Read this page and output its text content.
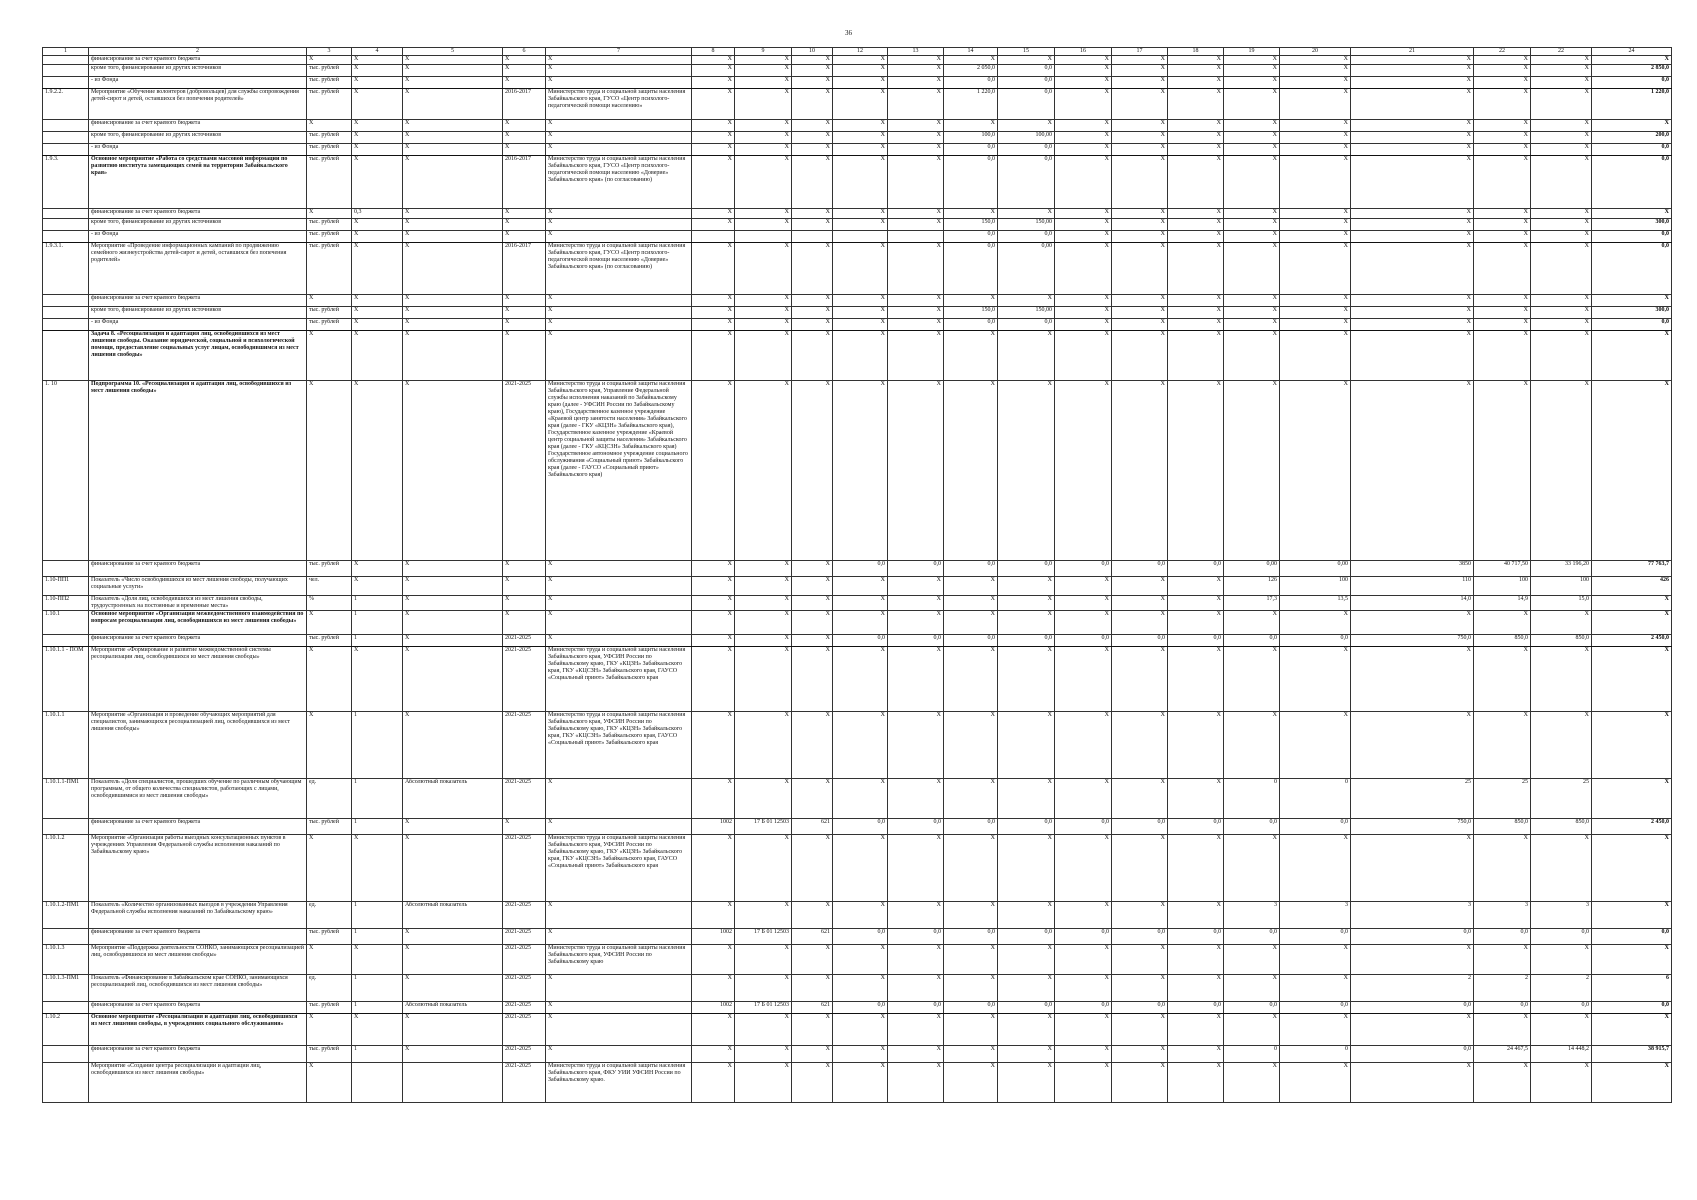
36
1	2	3	4	5	6	7	8	9	10	12	13	14	15	16	17	18	19	20	21	22	22	24
	финансирование за счет краевого бюджета	X	X	X	X	X	X	X	X	X	X	X	X	X	X	X	X	X	X	X	X	X
	кроме того, финансирование из других источников	тыс. рублей	X	X	X	X	X	X	X	X	X	2 050,0	0,0	X	X	X	X	X	X	X	X	2 850,0
	- из Фонда	тыс. рублей	X	X	X	X	X	X	X	X	X	0,0	0,0	X	X	X	X	X	X	X	X	0,0
1.9.2.2.	Мероприятие «Обучение волонтеров (добровольцев) для службы сопровождения детей-сирот и детей, оставшихся без попечения родителей»	тыс. рублей	X	X	2016-2017	Министерство труда и социальной защиты населения Забайкальского края, ГУСО «Центр психолого-педагогической помощи населению»	X	X	X	X	X	1 220,0	0,0	X	X	X	X	X	X	X	X	1 220,0
	финансирование за счет краевого бюджета	X	X	X	X	X	X	X	X	X	X	X	X	X	X	X	X	X	X	X	X	X
	кроме того, финансирование из других источников	тыс. рублей	X	X	X	X	X	X	X	X	X	100,0	100,00	X	X	X	X	X	X	X	X	200,0
	- из Фонда	тыс. рублей	X	X	X	X	X	X	X	X	X	0,0	0,0	X	X	X	X	X	X	X	X	0,0
1.9.3.	Основное мероприятие «Работа со средствами массовой информации по развитию института замещающих семей на территории Забайкальского края»	тыс. рублей	X	X	2016-2017	Министерство труда и социальной защиты населения Забайкальского края, ГУСО «Центр психолого-педагогической помощи населению «Доверие» Забайкальского края» (по согласованию)	X	X	X	X	X	0,0	0,0	X	X	X	X	X	X	X	X	0,0
	финансирование за счет краевого бюджета	X	0,3	X	X	X	X	X	X	X	X	X	X	X	X	X	X	X	X	X	X	X
	кроме того, финансирование из других источников	тыс. рублей	X	X	X	X	X	X	X	X	X	150,0	150,00	X	X	X	X	X	X	X	X	300,0
	- из Фонда	тыс. рублей	X	X	X	X						0,0	0,0	X	X	X	X	X	X	X	X	0,0
1.9.3.1.	Мероприятие «Проведение информационных кампаний по продвижению семейного жизнеустройства детей-сирот и детей, оставшихся без попечения родителей»	тыс. рублей	X	X	2016-2017	Министерство труда и социальной защиты населения Забайкальского края, ГУСО «Центр психолого-педагогической помощи населению «Доверие» Забайкальского края» (по согласованию)	X	X	X	X	X	0,0	0,00	X	X	X	X	X	X	X	X	0,0
	финансирование за счет краевого бюджета	X	X	X	X	X	X	X	X	X	X	X	X	X	X	X	X	X	X	X	X	X
	кроме того, финансирование из других источников	тыс. рублей	X	X	X	X	X	X	X	X	X	150,0	150,00	X	X	X	X	X	X	X	X	300,0
	- из Фонда	тыс. рублей	X	X	X	X	X	X	X	X	X	0,0	0,0	X	X	X	X	X	X	X	X	0,0
	Задача 8. «Ресоциализация и адаптация лиц, освободившихся из мест лишения свободы. Оказание юридической, социальной и психологической помощи, предоставление социальных услуг лицам, освободившимся из мест лишения свободы»	X	X	X	X	X	X	X	X	X	X	X	X	X	X	X	X	X	X	X	X	X
1. 10	Подпрограмма 10. «Ресоциализация и адаптация лиц, освободившихся из мест лишения свободы»	X	X	X	2021-2025	Министерство труда и социальной защиты населения Забайкальского края, Управление Федеральной службы исполнения наказаний по Забайкальскому краю (далее - УФСИН России по Забайкальскому краю), Государственное казенное учреждение «Краевой центр занятости населения» Забайкальского края (далее - ГКУ «КЦЗН» Забайкальского края), Государственное казенное учреждение «Краевой центр социальной защиты населения» Забайкальского края (далее - ГКУ «КЦСЗН» Забайкальского края) Государственное автономное учреждение социального обслуживания «Социальный приют» Забайкальского края (далее - ГАУСО «Социальный приют» Забайкальского края)	X	X	X	X	X	X	X	X	X	X	X	X	X	X	X	X
	финансирование за счет краевого бюджета	тыс. рублей	X	X	X	X	X	X	X	0,0	0,0	0,0	0,0	0,0	0,0	0,0	0,00	0,00	3850	40 717,50	33 196,20	77 763,7
1.10-ПП1	Показатель «Число освободившихся из мест лишения свободы, получающих социальные услуги»	чел.	X	X	X	X	X	X	X	X	X	X	X	X	X	X	126	100	110	100	100	426
1.10-ПП2	Показатель «Доля лиц, освободившихся из мест лишения свободы, трудоустроенных на постоянные и временные места»	%	1	X	X	X	X	X	X	X	X	X	X	X	X	X	17,3	13,5	14,0	14,9	15,0	X
1.10.1	Основное мероприятие «Организация межведомственного взаимодействия по вопросам ресоциализации лиц, освободившихся из мест лишения свободы»	X	1	X	X	X	X	X	X	X	X	X	X	X	X	X	X	X	X	X	X	X
	финансирование за счет краевого бюджета	тыс. рублей	1	X	2021-2025	X	X	X	X	0,0	0,0	0,0	0,0	0,0	0,0	0,0	0,0	0,0	750,0	850,0	850,0	2 450,0
1.10.1.1 - ПОМ	Мероприятие «Формирование и развитие межведомственной системы ресоциализации лиц, освободившихся из мест лишения свободы»	X	X	X	2021-2025	Министерство труда и социальной защиты населения Забайкальского края, УФСИН России по Забайкальскому краю, ГКУ «КЦЗН» Забайкальского края, ГКУ «КЦСЗН» Забайкальского края, ГАУСО «Социальный приют» Забайкальского края	X	X	X	X	X	X	X	X	X	X	X	X	X	X	X	X
1.10.1.1	Мероприятие «Организация и проведение обучающих мероприятий для специалистов, занимающихся ресоциализацией лиц, освободившихся из мест лишения свободы»	X	1	X	2021-2025	Министерство труда и социальной защиты населения Забайкальского края, УФСИН России по Забайкальскому краю, ГКУ «КЦЗН» Забайкальского края, ГКУ «КЦСЗН» Забайкальского края, ГАУСО «Социальный приют» Забайкальского края	X	X	X	X	X	X	X	X	X	X	X	X	X	X	X	X
1.10.1.1-ПМ1	Показатель «Доля специалистов, прошедших обучение по различным обучающим программам, от общего количества специалистов, работающих с лицами, освободившимися из мест лишения свободы»	ед.	1	Абсолютный показатель	2021-2025	X	X	X	X	X	X	X	X	X	X	X	0	0	25	25	25	X
	финансирование за счет краевого бюджета	тыс. рублей	1	X	X	X	1002	17 Б 01 12503	621	0,0	0,0	0,0	0,0	0,0	0,0	0,0	0,0	0,0	750,0	850,0	850,0	2 450,0
1.10.1.2	Мероприятие «Организация работы выездных консультационных пунктов в учреждениях Управления Федеральной службы исполнения наказаний по Забайкальскому краю»	X	X	X	2021-2025	Министерство труда и социальной защиты населения Забайкальского края, УФСИН России по Забайкальскому краю, ГКУ «КЦЗН» Забайкальского края, ГКУ «КЦСЗН» Забайкальского края, ГАУСО «Социальный приют» Забайкальского края	X	X	X	X	X	X	X	X	X	X	X	X	X	X	X	X
1.10.1.2-ПМ1	Показатель «Количество организованных выездов в учреждения Управления Федеральной службы исполнения наказаний по Забайкальскому краю»	ед.	1	Абсолютный показатель	2021-2025	X	X	X	X	X	X	X	X	X	X	X	3	3	3	3	3	X
	финансирование за счет краевого бюджета	тыс. рублей	1	X	2021-2025	X	1002	17 Б 01 12503	621	0,0	0,0	0,0	0,0	0,0	0,0	0,0	0,0	0,0	0,0	0,0	0,0	0,0
1.10.1.3	Мероприятие «Поддержка деятельности СОНКО, занимающихся ресоциализацией лиц, освободившихся из мест лишения свободы»	X	X	X	2021-2025	Министерство труда и социальной защиты населения Забайкальского края, УФСИН России по Забайкальскому краю	X	X	X	X	X	X	X	X	X	X	X	X	X	X	X	X
1.10.1.3-ПМ1	Показатель «Финансирование в Забайкальском крае СОНКО, занимающихся ресоциализацией лиц, освободившихся из мест лишения свободы»	ед.	1	X	2021-2025	X	X	X	X	X	X	X	X	X	X	X	X	X	2	2	2	6
	финансирование за счет краевого бюджета	тыс. рублей	1	Абсолютный показатель	2021-2025	X	1002	17 Б 01 12503	621	0,0	0,0	0,0	0,0	0,0	0,0	0,0	0,0	0,0	0,0	0,0	0,0	0,0
1.10.2	Основное мероприятие «Ресоциализация и адаптация лиц, освободившихся из мест лишения свободы, в учреждениях социального обслуживания»	X	X	X	2021-2025	X	X	X	X	X	X	X	X	X	X	X	X	X	X	X	X	X
	финансирование за счет краевого бюджета	тыс. рублей	1	X	2021-2025	X	X	X	X	X	X	X	X	X	X	X	0	0	0,0	24 467,5	14 448,2	38 915,7
	Мероприятие «Создание центра ресоциализации и адаптации лиц, освободившихся из мест лишения свободы»	X			2021-2025	Министерство труда и социальной защиты населения Забайкальского края, ФКУ УИИ УФСИН России по Забайкальскому краю.	X	X	X	X	X	X	X	X	X	X	X	X	X	X	X	X
